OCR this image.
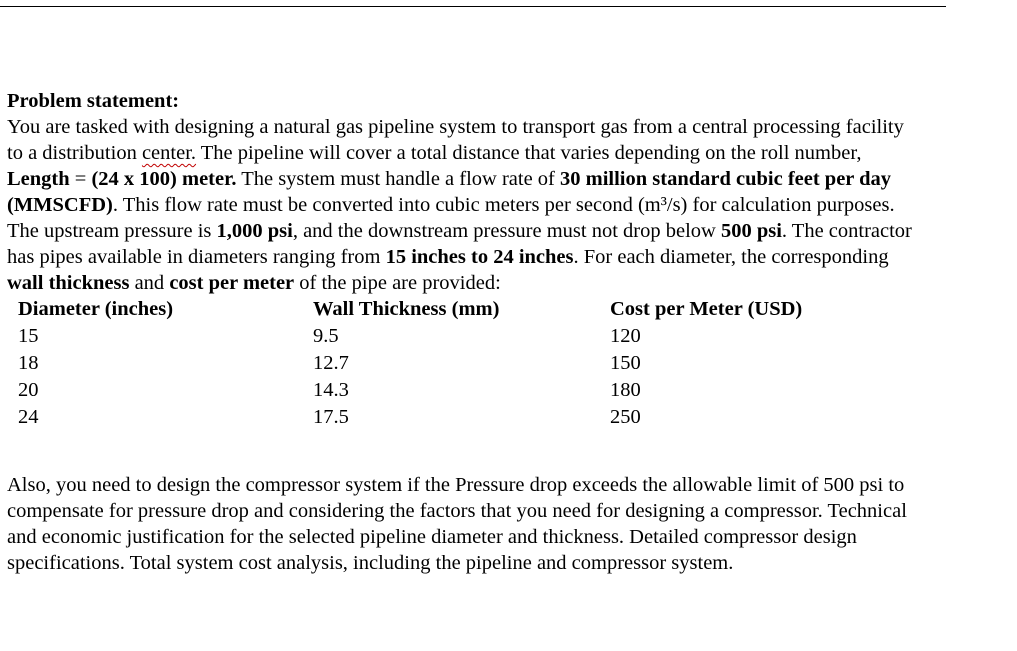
Problem statement:

You are tasked with designing a natural gas pipeline system to transport gas from a central processing facility to a distribution center. The pipeline will cover a total distance that varies depending on the roll number, Length = (24 x 100) meter. The system must handle a flow rate of 30 million standard cubic feet per day (MMSCFD). This flow rate must be converted into cubic meters per second (m³/s) for calculation purposes. The upstream pressure is 1,000 psi, and the downstream pressure must not drop below 500 psi. The contractor has pipes available in diameters ranging from 15 inches to 24 inches. For each diameter, the corresponding wall thickness and cost per meter of the pipe are provided:

Diameter (inches)	Wall Thickness (mm)	Cost per Meter (USD)
15	9.5	120
18	12.7	150
20	14.3	180
24	17.5	250

Also, you need to design the compressor system if the Pressure drop exceeds the allowable limit of 500 psi to compensate for pressure drop and considering the factors that you need for designing a compressor. Technical and economic justification for the selected pipeline diameter and thickness. Detailed compressor design specifications. Total system cost analysis, including the pipeline and compressor system.
